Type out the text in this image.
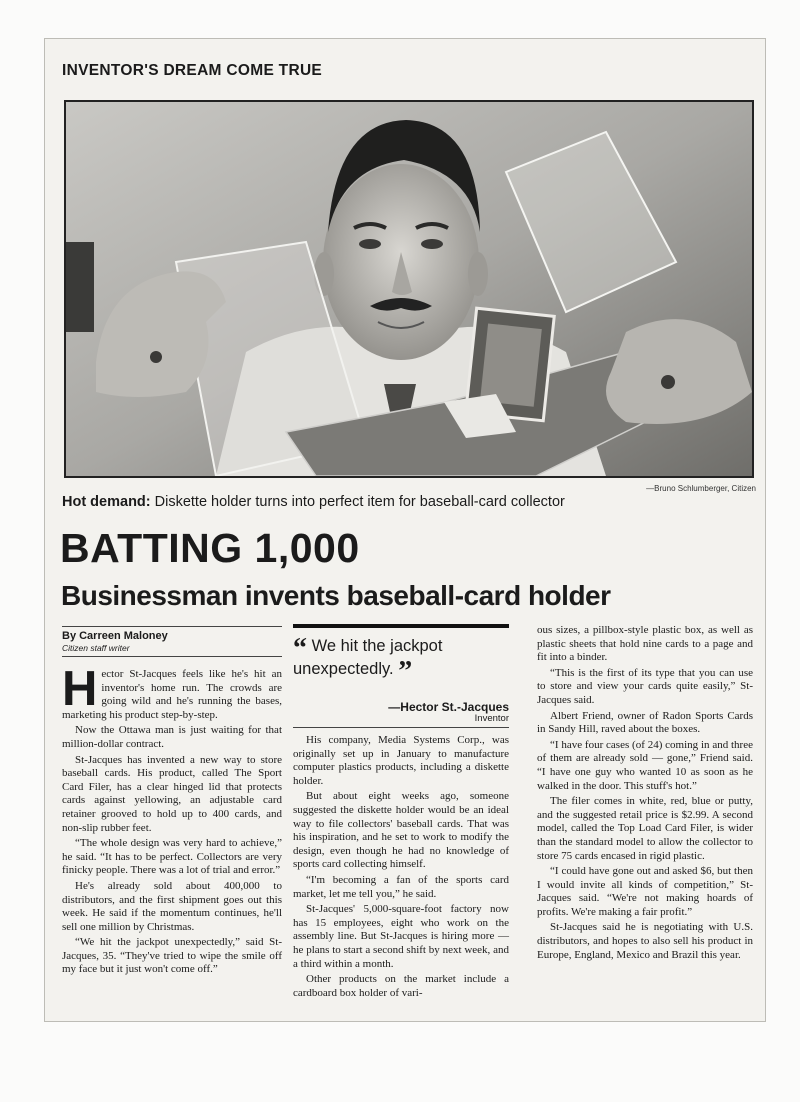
INVENTOR'S DREAM COME TRUE
—Bruno Schlumberger, Citizen

Hot demand: Diskette holder turns into perfect item for baseball-card collector

BATTING 1,000
Businessman invents baseball-card holder
By Carreen Maloney
Citizen staff writer

Hector St-Jacques feels like he's hit an inventor's home run. The crowds are going wild and he's running the bases, marketing his product step-by-step.

Now the Ottawa man is just waiting for that million-dollar contract.

St-Jacques has invented a new way to store baseball cards. His product, called The Sport Card Filer, has a clear hinged lid that protects cards against yellowing, an adjustable card retainer grooved to hold up to 400 cards, and non-slip rubber feet.

“The whole design was very hard to achieve,” he said. “It has to be perfect. Collectors are very finicky people. There was a lot of trial and error.”

He's already sold about 400,000 to distributors, and the first shipment goes out this week. He said if the momentum continues, he'll sell one million by Christmas.

“We hit the jackpot unexpectedly,” said St-Jacques, 35. “They've tried to wipe the smile off my face but it just won't come off.”

“ We hit the jackpot unexpectedly. ”
—Hector St.-Jacques
Inventor

His company, Media Systems Corp., was originally set up in January to manufacture computer plastics products, including a diskette holder.

But about eight weeks ago, someone suggested the diskette holder would be an ideal way to file collectors' baseball cards. That was his inspiration, and he set to work to modify the design, even though he had no knowledge of sports card collecting himself.

“I'm becoming a fan of the sports card market, let me tell you,” he said.

St-Jacques' 5,000-square-foot factory now has 15 employees, eight who work on the assembly line. But St-Jacques is hiring more — he plans to start a second shift by next week, and a third within a month.

Other products on the market include a cardboard box holder of vari-

ous sizes, a pillbox-style plastic box, as well as plastic sheets that hold nine cards to a page and fit into a binder.

“This is the first of its type that you can use to store and view your cards quite easily,” St-Jacques said.

Albert Friend, owner of Radon Sports Cards in Sandy Hill, raved about the boxes.

“I have four cases (of 24) coming in and three of them are already sold — gone,” Friend said. “I have one guy who wanted 10 as soon as he walked in the door. This stuff's hot.”

The filer comes in white, red, blue or putty, and the suggested retail price is $2.99. A second model, called the Top Load Card Filer, is wider than the standard model to allow the collector to store 75 cards encased in rigid plastic.

“I could have gone out and asked $6, but then I would invite all kinds of competition,” St-Jacques said. “We're not making hoards of profits. We're making a fair profit.”

St-Jacques said he is negotiating with U.S. distributors, and hopes to also sell his product in Europe, England, Mexico and Brazil this year.
